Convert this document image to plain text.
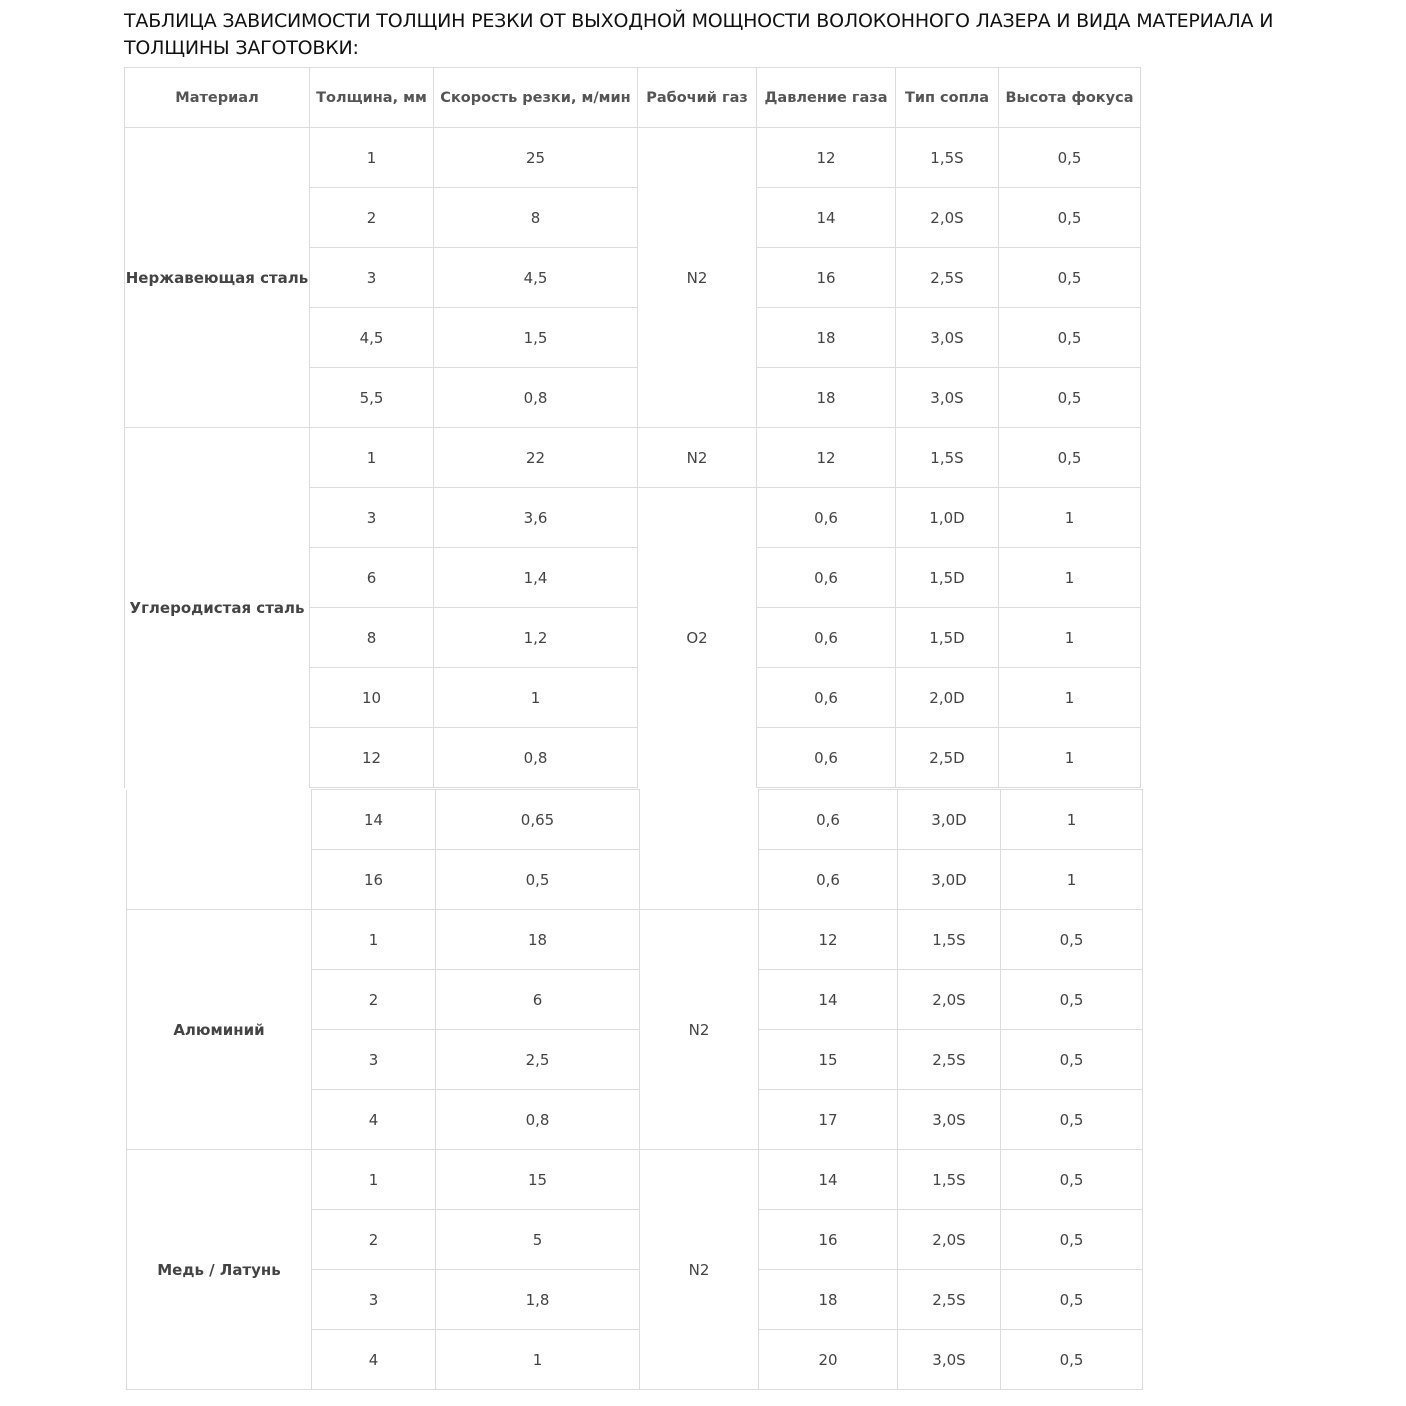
ТАБЛИЦА ЗАВИСИМОСТИ ТОЛЩИН РЕЗКИ ОТ ВЫХОДНОЙ МОЩНОСТИ ВОЛОКОННОГО ЛАЗЕРА И ВИДА МАТЕРИАЛА И ТОЛЩИНЫ ЗАГОТОВКИ:
Материал	Толщина, мм	Скорость резки, м/мин	Рабочий газ	Давление газа	Тип сопла	Высота фокуса
Нержавеющая сталь	1	25	N2	12	1,5S	0,5
	2	8		14	2,0S	0,5
	3	4,5		16	2,5S	0,5
	4,5	1,5		18	3,0S	0,5
	5,5	0,8		18	3,0S	0,5
Углеродистая сталь	1	22	N2	12	1,5S	0,5
	3	3,6	O2	0,6	1,0D	1
	6	1,4		0,6	1,5D	1
	8	1,2		0,6	1,5D	1
	10	1		0,6	2,0D	1
	12	0,8		0,6	2,5D	1
	14	0,65		0,6	3,0D	1
	16	0,5		0,6	3,0D	1
Алюминий	1	18	N2	12	1,5S	0,5
	2	6		14	2,0S	0,5
	3	2,5		15	2,5S	0,5
	4	0,8		17	3,0S	0,5
Медь / Латунь	1	15	N2	14	1,5S	0,5
	2	5		16	2,0S	0,5
	3	1,8		18	2,5S	0,5
	4	1		20	3,0S	0,5
